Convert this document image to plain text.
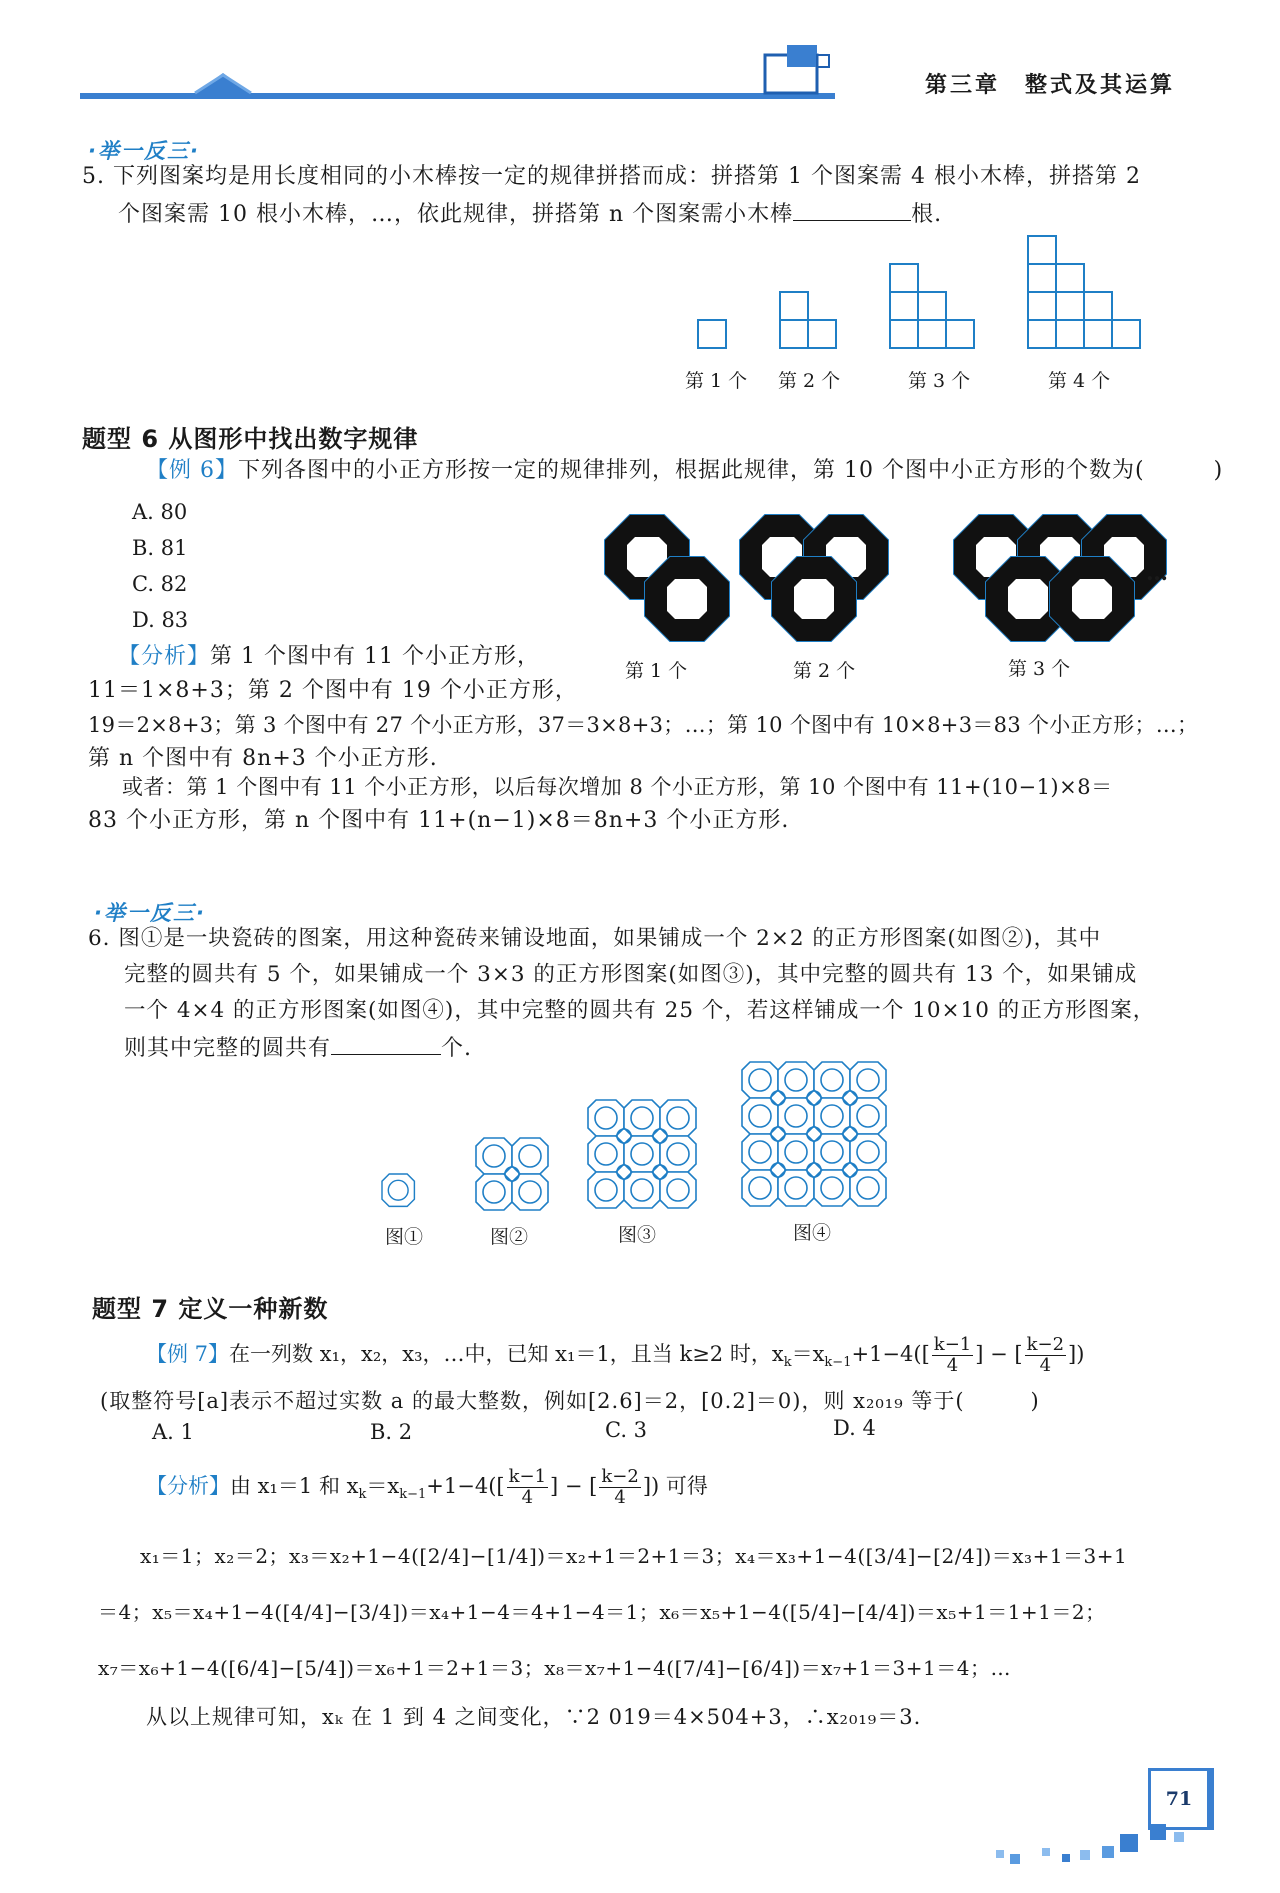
第三章　整式及其运算
·举一反三·
5. 下列图案均是用长度相同的小木棒按一定的规律拼搭而成：拼搭第 1 个图案需 4 根小木棒，拼搭第 2
个图案需 10 根小木棒，…，依此规律，拼搭第 n 个图案需小木棒	根.
第 1 个 第 2 个	第 3 个	第 4 个
题型 6 从图形中找出数字规律
【例 6】下列各图中的小正方形按一定的规律排列，根据此规律，第 10 个图中小正方形的个数为(　　　)
A. 80
B. 81
C. 82
D. 83
…
第 1 个	第 2 个	第 3 个
【分析】第 1 个图中有 11 个小正方形，
11＝1×8+3；第 2 个图中有 19 个小正方形，
19＝2×8+3；第 3 个图中有 27 个小正方形，37＝3×8+3；…；第 10 个图中有 10×8+3＝83 个小正方形；…；
第 n 个图中有 8n+3 个小正方形.
或者：第 1 个图中有 11 个小正方形，以后每次增加 8 个小正方形，第 10 个图中有 11+(10−1)×8＝
83 个小正方形，第 n 个图中有 11+(n−1)×8＝8n+3 个小正方形.
·举一反三·
6. 图①是一块瓷砖的图案，用这种瓷砖来铺设地面，如果铺成一个 2×2 的正方形图案(如图②)，其中
完整的圆共有 5 个，如果铺成一个 3×3 的正方形图案(如图③)，其中完整的圆共有 13 个，如果铺成
一个 4×4 的正方形图案(如图④)，其中完整的圆共有 25 个，若这样铺成一个 10×10 的正方形图案，
则其中完整的圆共有	个.
图①	图②	图③	图④
题型 7 定义一种新数
【例 7】在一列数 x₁，x₂，x₃，…中，已知 x₁＝1，且当 k≥2 时，$x_k=x_{k-1}+1-4([ \frac{k-1}{4}$ ] − [ $\frac{k-2}{4}$ ])
(取整符号[a]表示不超过实数 a 的最大整数，例如[2.6]＝2，[0.2]＝0)，则 x₂₀₁₉ 等于(　　　)
A. 1	B. 2	C. 3	D. 4
【分析】由 x₁＝1 和 $x_k=x_{k-1}+1-4([ \frac{k-1}{4}$ ] − [ $\frac{k-2}{4}$ ]) 可得
x₁＝1；x₂＝2；x₃＝x₂+1−4([2/4]−[1/4])＝x₂+1＝2+1＝3；x₄＝x₃+1−4([3/4]−[2/4])＝x₃+1＝3+1
＝4；x₅＝x₄+1−4([4/4]−[3/4])＝x₄+1−4＝4+1−4＝1；x₆＝x₅+1−4([5/4]−[4/4])＝x₅+1＝1+1＝2；
x₇＝x₆+1−4([6/4]−[5/4])＝x₆+1＝2+1＝3；x₈＝x₇+1−4([7/4]−[6/4])＝x₇+1＝3+1＝4；…
从以上规律可知，xₖ 在 1 到 4 之间变化，∵2 019＝4×504+3，∴x₂₀₁₉＝3.
71
